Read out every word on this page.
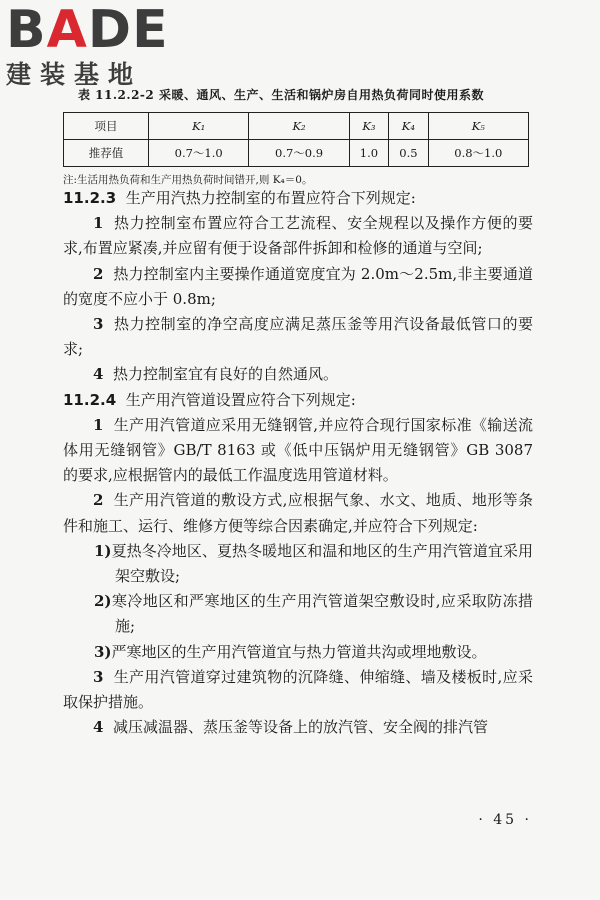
BADE
建装基地
表 11.2.2-2 采暖、通风、生产、生活和锅炉房自用热负荷同时使用系数
项目	K₁	K₂	K₃	K₄	K₅
推荐值	0.7～1.0	0.7～0.9	1.0	0.5	0.8～1.0
注:生活用热负荷和生产用热负荷时间错开,则 K₄＝0。

11.2.3 生产用汽热力控制室的布置应符合下列规定:

1 热力控制室布置应符合工艺流程、安全规程以及操作方便的要求,布置应紧凑,并应留有便于设备部件拆卸和检修的通道与空间;

2 热力控制室内主要操作通道宽度宜为 2.0m～2.5m,非主要通道的宽度不应小于 0.8m;

3 热力控制室的净空高度应满足蒸压釜等用汽设备最低管口的要求;

4 热力控制室宜有良好的自然通风。

11.2.4 生产用汽管道设置应符合下列规定:

1 生产用汽管道应采用无缝钢管,并应符合现行国家标准《输送流体用无缝钢管》GB/T 8163 或《低中压锅炉用无缝钢管》GB 3087 的要求,应根据管内的最低工作温度选用管道材料。

2 生产用汽管道的敷设方式,应根据气象、水文、地质、地形等条件和施工、运行、维修方便等综合因素确定,并应符合下列规定:

1)夏热冬冷地区、夏热冬暖地区和温和地区的生产用汽管道宜采用架空敷设;

2)寒冷地区和严寒地区的生产用汽管道架空敷设时,应采取防冻措施;

3)严寒地区的生产用汽管道宜与热力管道共沟或埋地敷设。

3 生产用汽管道穿过建筑物的沉降缝、伸缩缝、墙及楼板时,应采取保护措施。

4 减压减温器、蒸压釜等设备上的放汽管、安全阀的排汽管

· 45 ·
